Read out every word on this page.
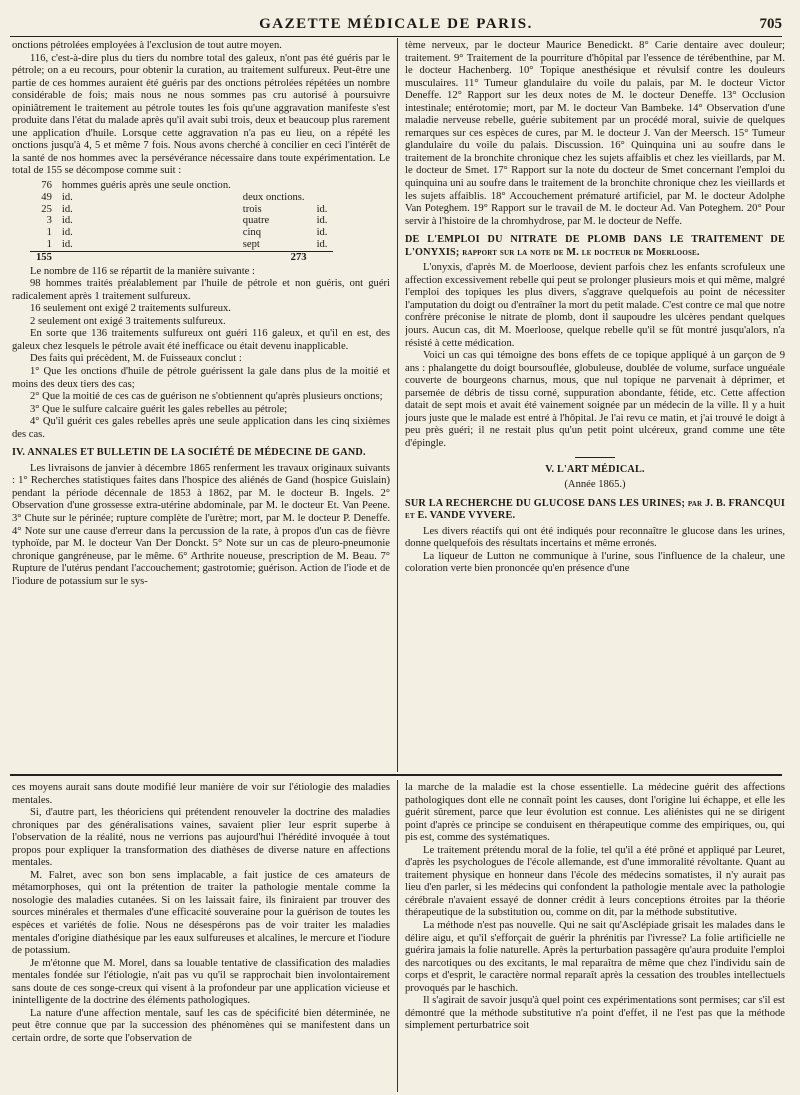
GAZETTE MÉDICALE DE PARIS.	705

onctions pétrolées employées à l'exclusion de tout autre moyen.

116, c'est-à-dire plus du tiers du nombre total des galeux, n'ont pas été guéris par le pétrole; on a eu recours, pour obtenir la curation, au traitement sulfureux. Peut-être une partie de ces hommes auraient été guéris par des onctions pétrolées répétées un nombre considérable de fois; mais nous ne nous sommes pas cru autorisé à poursuivre opiniâtrement le traitement au pétrole toutes les fois qu'une aggravation manifeste s'est produite dans l'état du malade après qu'il avait subi trois, deux et beaucoup plus rarement une application d'huile. Lorsque cette aggravation n'a pas eu lieu, on a répété les onctions jusqu'à 4, 5 et même 7 fois. Nous avons cherché à concilier en ceci l'intérêt de la santé de nos hommes avec la persévérance nécessaire dans toute expérimentation. Le total de 155 se décompose comme suit :

76	hommes guéris après une seule onction.		
49	id.	deux onctions.	
25	id.	trois	id.
3	id.	quatre	id.
1	id.	cinq	id.
1	id.	sept	id.
155		273	

Le nombre de 116 se répartit de la manière suivante :

98 hommes traités préalablement par l'huile de pétrole et non guéris, ont guéri radicalement après 1 traitement sulfureux.

16 seulement ont exigé 2 traitements sulfureux.

2 seulement ont exigé 3 traitements sulfureux.

En sorte que 136 traitements sulfureux ont guéri 116 galeux, et qu'il en est, des galeux chez lesquels le pétrole avait été inefficace ou était devenu inapplicable.

Des faits qui précèdent, M. de Fuisseaux conclut :

1° Que les onctions d'huile de pétrole guérissent la gale dans plus de la moitié et moins des deux tiers des cas;

2° Que la moitié de ces cas de guérison ne s'obtiennent qu'après plusieurs onctions;

3° Que le sulfure calcaire guérit les gales rebelles au pétrole;

4° Qu'il guérit ces gales rebelles après une seule application dans les cinq sixièmes des cas.

IV. ANNALES ET BULLETIN DE LA SOCIÉTÉ DE MÉDECINE DE GAND.

Les livraisons de janvier à décembre 1865 renferment les travaux originaux suivants : 1° Recherches statistiques faites dans l'hospice des aliénés de Gand (hospice Guislain) pendant la période décennale de 1853 à 1862, par M. le docteur B. Ingels. 2° Observation d'une grossesse extra-utérine abdominale, par M. le docteur Et. Van Peene. 3° Chute sur le périnée; rupture complète de l'urètre; mort, par M. le docteur P. Deneffe. 4° Note sur une cause d'erreur dans la percussion de la rate, à propos d'un cas de fièvre typhoïde, par M. le docteur Van Der Donckt. 5° Note sur un cas de pleuro-pneumonie chronique gangréneuse, par le même. 6° Arthrite noueuse, prescription de M. Beau. 7° Rupture de l'utérus pendant l'accouchement; gastrotomie; guérison. Action de l'iode et de l'iodure de potassium sur le sys-

tème nerveux, par le docteur Maurice Benedickt. 8° Carie dentaire avec douleur; traitement. 9° Traitement de la pourriture d'hôpital par l'essence de térébenthine, par M. le docteur Hachenberg. 10° Topique anesthésique et révulsif contre les douleurs musculaires. 11° Tumeur glandulaire du voile du palais, par M. le docteur Victor Deneffe. 12° Rapport sur les deux notes de M. le docteur Deneffe. 13° Occlusion intestinale; entérotomie; mort, par M. le docteur Van Bambeke. 14° Observation d'une maladie nerveuse rebelle, guérie subitement par un procédé moral, suivie de quelques remarques sur ces espèces de cures, par M. le docteur J. Van der Meersch. 15° Tumeur glandulaire du voile du palais. Discussion. 16° Quinquina uni au soufre dans le traitement de la bronchite chronique chez les sujets affaiblis et chez les vieillards, par M. le docteur de Smet. 17° Rapport sur la note du docteur de Smet concernant l'emploi du quinquina uni au soufre dans le traitement de la bronchite chronique chez les vieillards et les sujets affaiblis. 18° Accouchement prématuré artificiel, par M. le docteur Adolphe Van Poteghem. 19° Rapport sur le travail de M. le docteur Ad. Van Poteghem. 20° Pour servir à l'histoire de la chromhydrose, par M. le docteur de Neffe.

DE L'EMPLOI DU NITRATE DE PLOMB DANS LE TRAITEMENT DE L'ONYXIS; rapport sur la note de M. le docteur de Moerloose.

L'onyxis, d'après M. de Moerloose, devient parfois chez les enfants scrofuleux une affection excessivement rebelle qui peut se prolonger plusieurs mois et qui même, malgré l'emploi des topiques les plus divers, s'aggrave quelquefois au point de nécessiter l'amputation du doigt ou d'entraîner la mort du petit malade. C'est contre ce mal que notre confrère préconise le nitrate de plomb, dont il saupoudre les ulcères pendant quelques jours. Aucun cas, dit M. Moerloose, quelque rebelle qu'il se fût montré jusqu'alors, n'a résisté à cette médication.

Voici un cas qui témoigne des bons effets de ce topique appliqué à un garçon de 9 ans : phalangette du doigt boursouflée, globuleuse, doublée de volume, surface unguéale couverte de bourgeons charnus, mous, que nul topique ne parvenait à déprimer, et parsemée de débris de tissu corné, suppuration abondante, fétide, etc. Cette affection datait de sept mois et avait été vainement soignée par un médecin de la ville. Il y a huit jours juste que le malade est entré à l'hôpital. Je l'ai revu ce matin, et j'ai trouvé le doigt à peu près guéri; il ne restait plus qu'un petit point ulcéreux, grand comme une tête d'épingle.

V. L'ART MÉDICAL.
(Année 1865.)
SUR LA RECHERCHE DU GLUCOSE DANS LES URINES; par J. B. FRANCQUI et E. VANDE VYVERE.

Les divers réactifs qui ont été indiqués pour reconnaître le glucose dans les urines, donne quelquefois des résultats incertains et même erronés.

La liqueur de Lutton ne communique à l'urine, sous l'influence de la chaleur, une coloration verte bien prononcée qu'en présence d'une

ces moyens aurait sans doute modifié leur manière de voir sur l'étiologie des maladies mentales.

Si, d'autre part, les théoriciens qui prétendent renouveler la doctrine des maladies chroniques par des généralisations vaines, savaient plier leur esprit superbe à l'observation de la réalité, nous ne verrions pas aujourd'hui l'hérédité invoquée à tout propos pour expliquer la transformation des diathèses de diverse nature en affections mentales.

M. Falret, avec son bon sens implacable, a fait justice de ces amateurs de métamorphoses, qui ont la prétention de traiter la pathologie mentale comme la nosologie des maladies cutanées. Si on les laissait faire, ils finiraient par trouver des sources minérales et thermales d'une efficacité souveraine pour la guérison de toutes les espèces et variétés de folie. Nous ne désespérons pas de voir traiter les maladies mentales d'origine diathésique par les eaux sulfureuses et alcalines, le mercure et l'iodure de potassium.

Je m'étonne que M. Morel, dans sa louable tentative de classification des maladies mentales fondée sur l'étiologie, n'ait pas vu qu'il se rapprochait bien involontairement sans doute de ces songe-creux qui visent à la profondeur par une application vicieuse et inintelligente de la doctrine des éléments pathologiques.

La nature d'une affection mentale, sauf les cas de spécificité bien déterminée, ne peut être connue que par la succession des phénomènes qui se manifestent dans un certain ordre, de sorte que l'observation de

la marche de la maladie est la chose essentielle. La médecine guérit des affections pathologiques dont elle ne connaît point les causes, dont l'origine lui échappe, et elle les guérit sûrement, parce que leur évolution est connue. Les aliénistes qui ne se dirigent point d'après ce principe se conduisent en thérapeutique comme des empiriques, ou, qui pis est, comme des systématiques.

Le traitement prétendu moral de la folie, tel qu'il a été prôné et appliqué par Leuret, d'après les psychologues de l'école allemande, est d'une immoralité révoltante. Quant au traitement physique en honneur dans l'école des médecins somatistes, il n'y aurait pas lieu d'en parler, si les médecins qui confondent la pathologie mentale avec la pathologie cérébrale n'avaient essayé de donner crédit à leurs conceptions étroites par la théorie thérapeutique de la substitution ou, comme on dit, par la méthode substitutive.

La méthode n'est pas nouvelle. Qui ne sait qu'Asclépiade grisait les malades dans le délire aigu, et qu'il s'efforçait de guérir la phrénitis par l'ivresse? La folie artificielle ne guérira jamais la folie naturelle. Après la perturbation passagère qu'aura produite l'emploi des narcotiques ou des excitants, le mal reparaîtra de même que chez l'individu sain de corps et d'esprit, le caractère normal reparaît après la cessation des troubles intellectuels provoqués par le haschich.

Il s'agirait de savoir jusqu'à quel point ces expérimentations sont permises; car s'il est démontré que la méthode substitutive n'a point d'effet, il ne l'est pas que la méthode simplement perturbatrice soit
